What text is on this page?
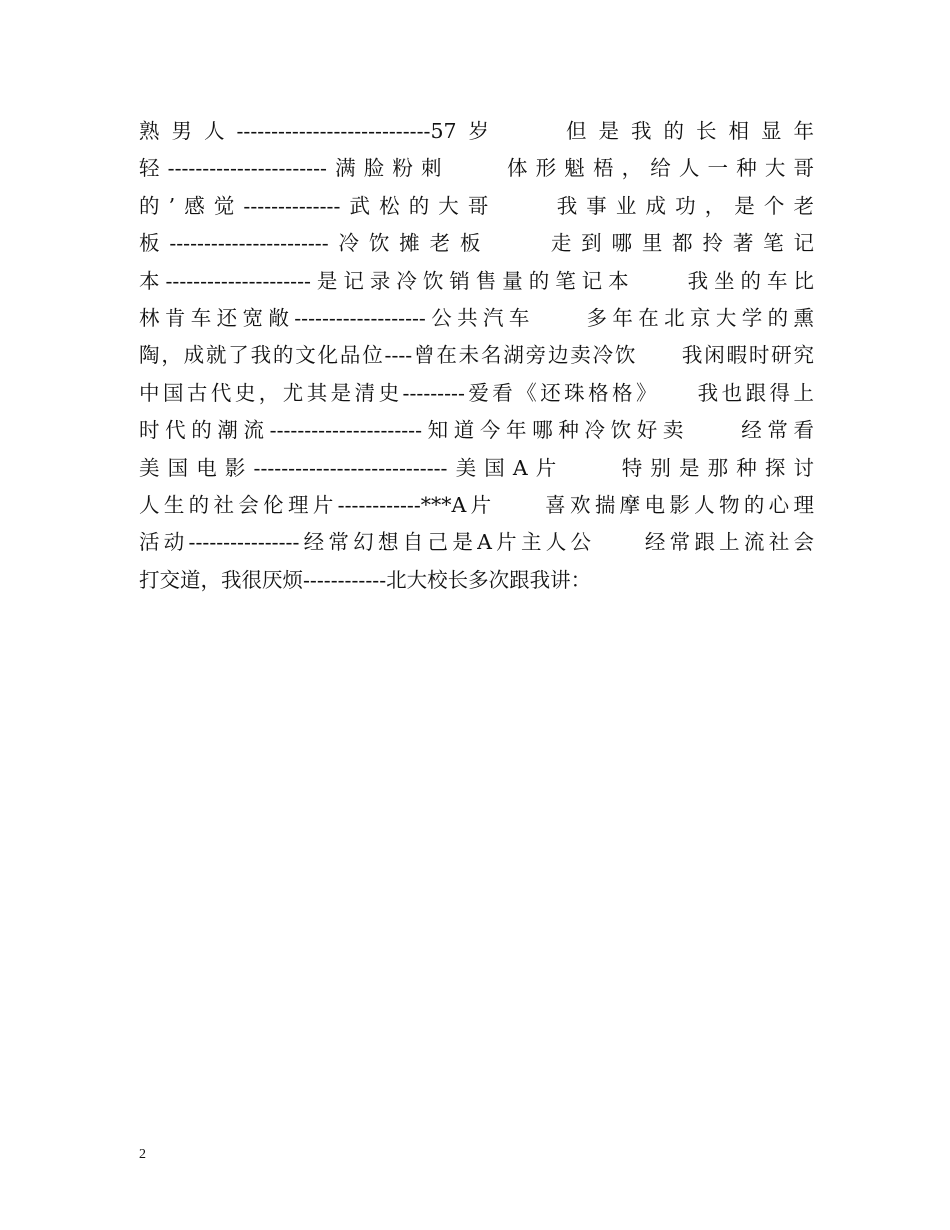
熟男人----------------------------57岁　　但是我的长相显年
轻-----------------------满脸粉刺　　体形魁梧，给人一种大哥
的’感觉--------------武松的大哥　　我事业成功，是个老
板-----------------------冷饮摊老板　　走到哪里都拎著笔记
本---------------------是记录冷饮销售量的笔记本　　我坐的车比
林肯车还宽敞-------------------公共汽车　　多年在北京大学的熏
陶，成就了我的文化品位----曾在未名湖旁边卖冷饮　　我闲暇时研究
中国古代史，尤其是清史---------爱看《还珠格格》　　我也跟得上
时代的潮流----------------------知道今年哪种冷饮好卖　　经常看
美国电影----------------------------美国A片　　特别是那种探讨
人生的社会伦理片------------***A片　　喜欢揣摩电影人物的心理
活动----------------经常幻想自己是A片主人公　　经常跟上流社会
打交道，我很厌烦------------北大校长多次跟我讲：
2
